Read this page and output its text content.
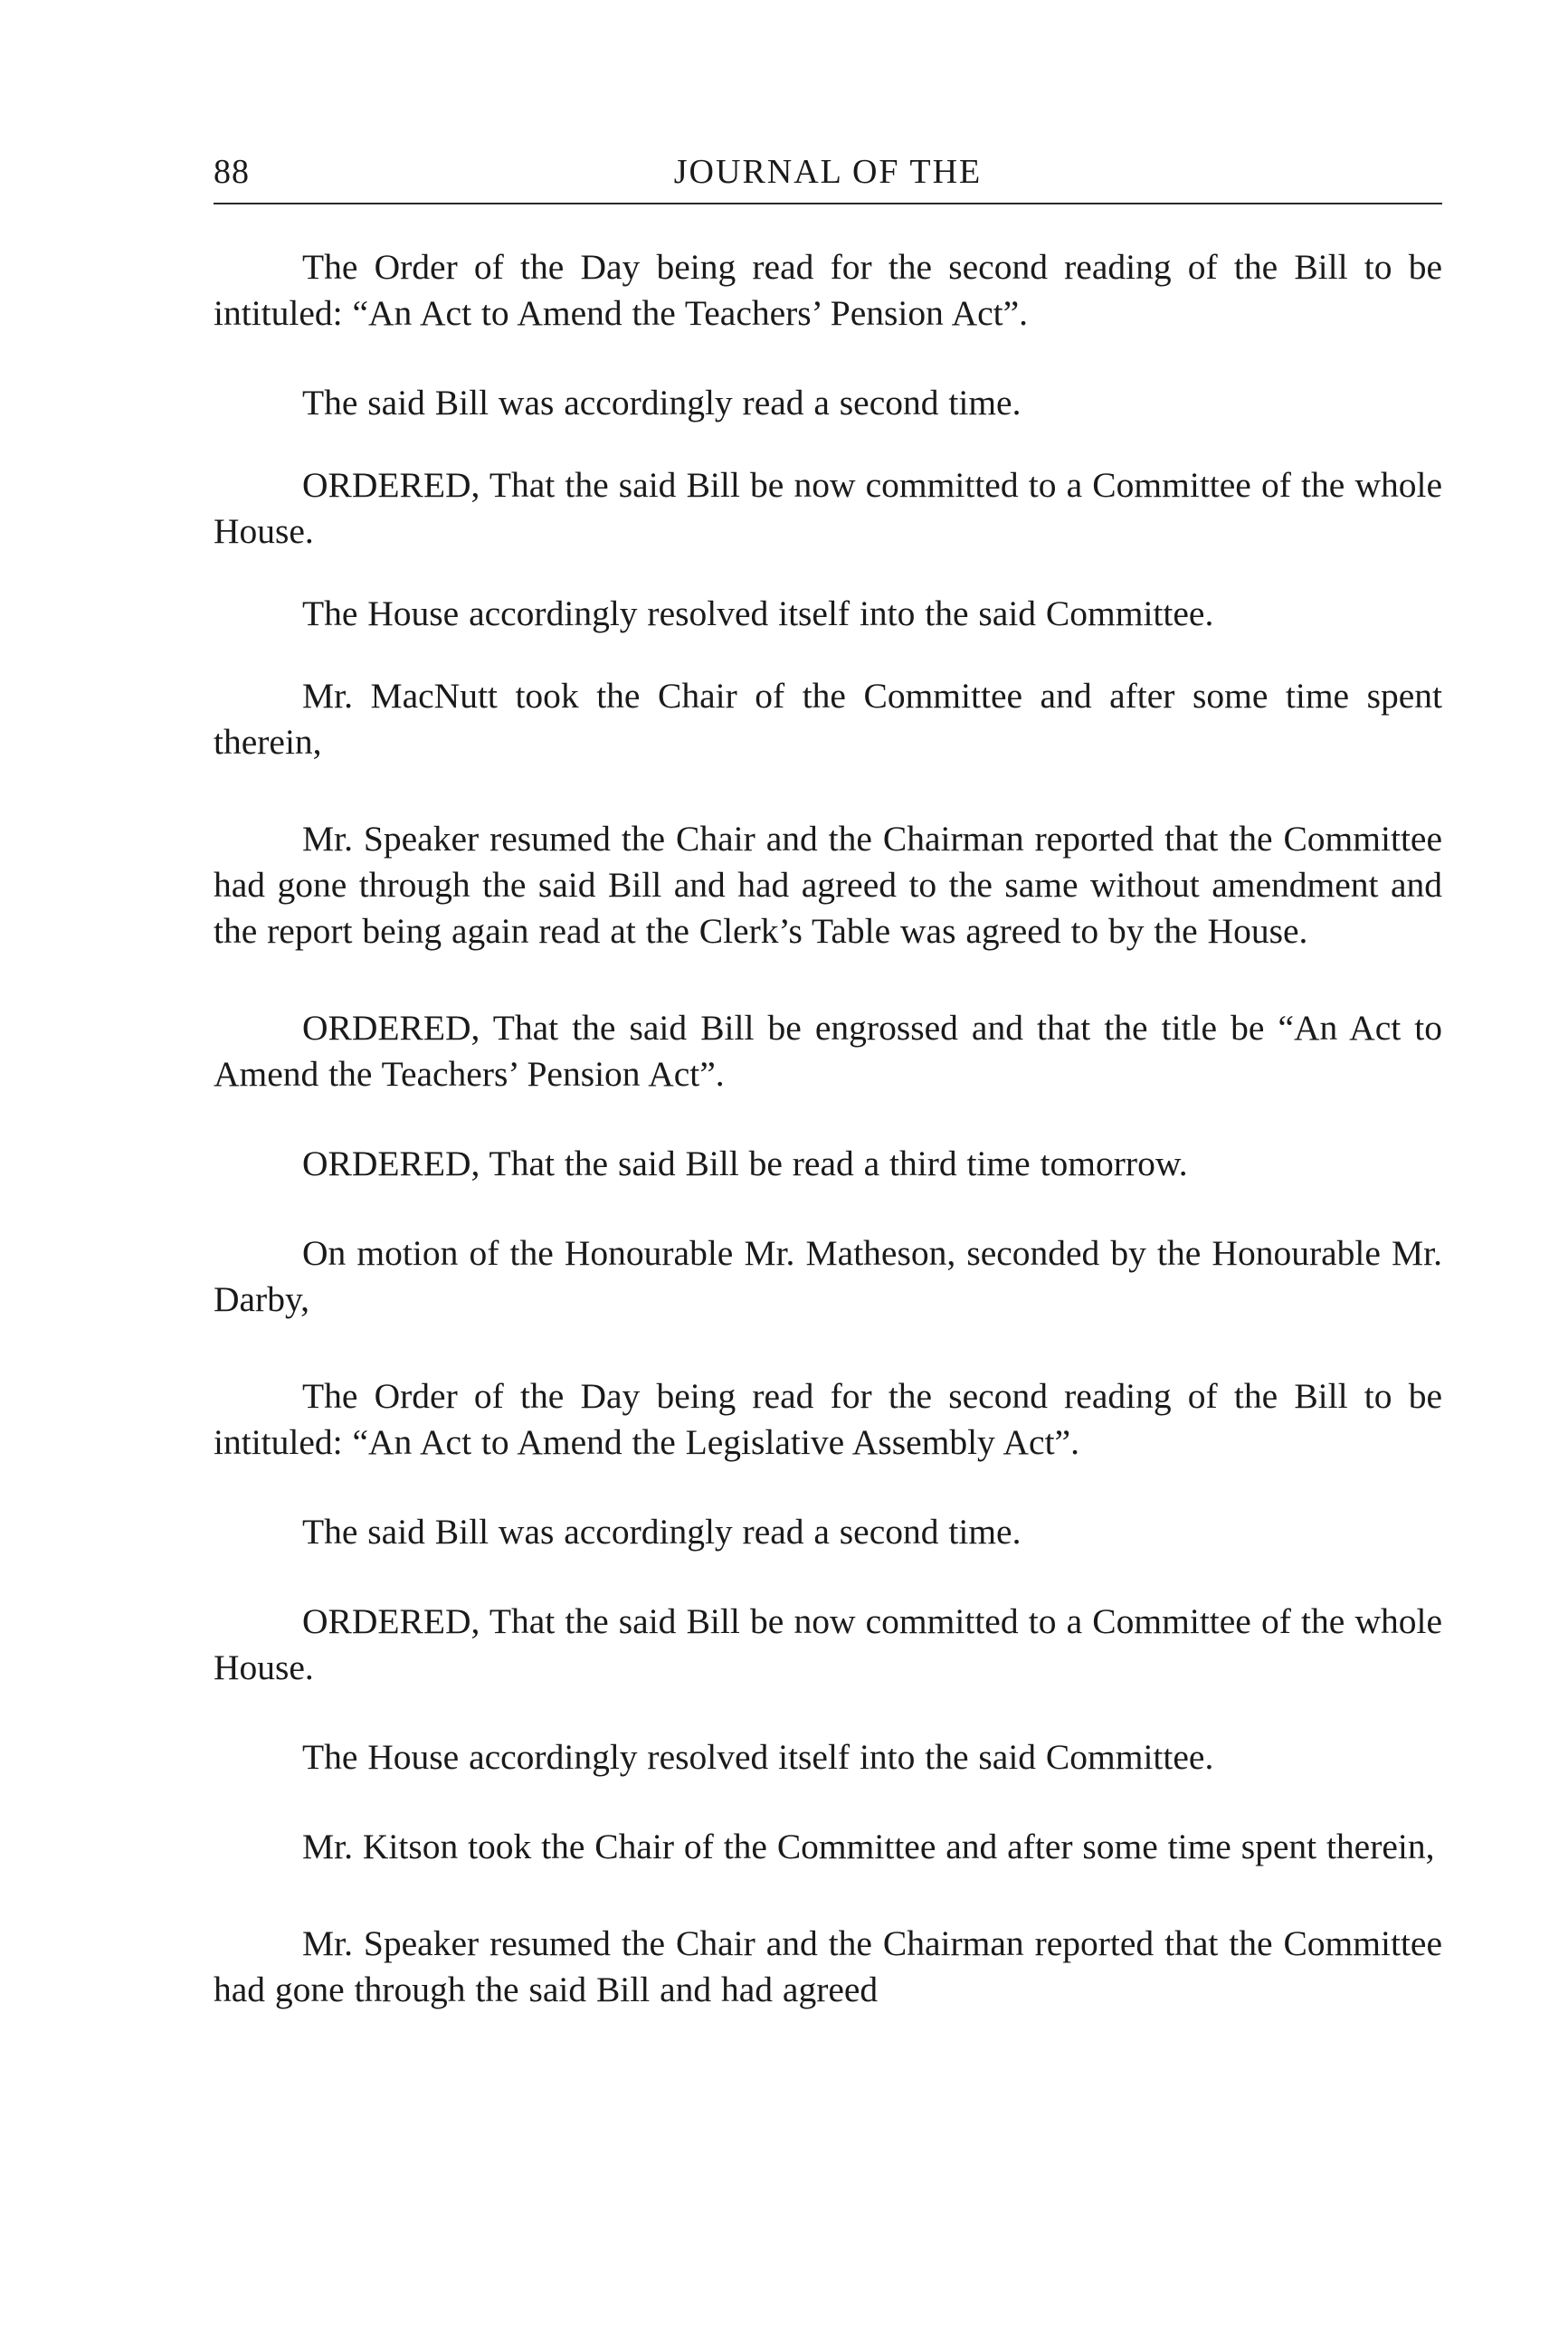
88	JOURNAL OF THE

The Order of the Day being read for the second reading of the Bill to be intituled: “An Act to Amend the Teachers’ Pension Act”.

The said Bill was accordingly read a second time.

ORDERED, That the said Bill be now committed to a Committee of the whole House.

The House accordingly resolved itself into the said Committee.

Mr. MacNutt took the Chair of the Committee and after some time spent therein,

Mr. Speaker resumed the Chair and the Chairman reported that the Committee had gone through the said Bill and had agreed to the same without amendment and the report being again read at the Clerk’s Table was agreed to by the House.

ORDERED, That the said Bill be engrossed and that the title be “An Act to Amend the Teachers’ Pension Act”.

ORDERED, That the said Bill be read a third time tomorrow.

On motion of the Honourable Mr. Matheson, seconded by the Honourable Mr. Darby,

The Order of the Day being read for the second reading of the Bill to be intituled: “An Act to Amend the Legislative Assembly Act”.

The said Bill was accordingly read a second time.

ORDERED, That the said Bill be now committed to a Committee of the whole House.

The House accordingly resolved itself into the said Committee.

Mr. Kitson took the Chair of the Committee and after some time spent therein,

Mr. Speaker resumed the Chair and the Chairman reported that the Committee had gone through the said Bill and had agreed
